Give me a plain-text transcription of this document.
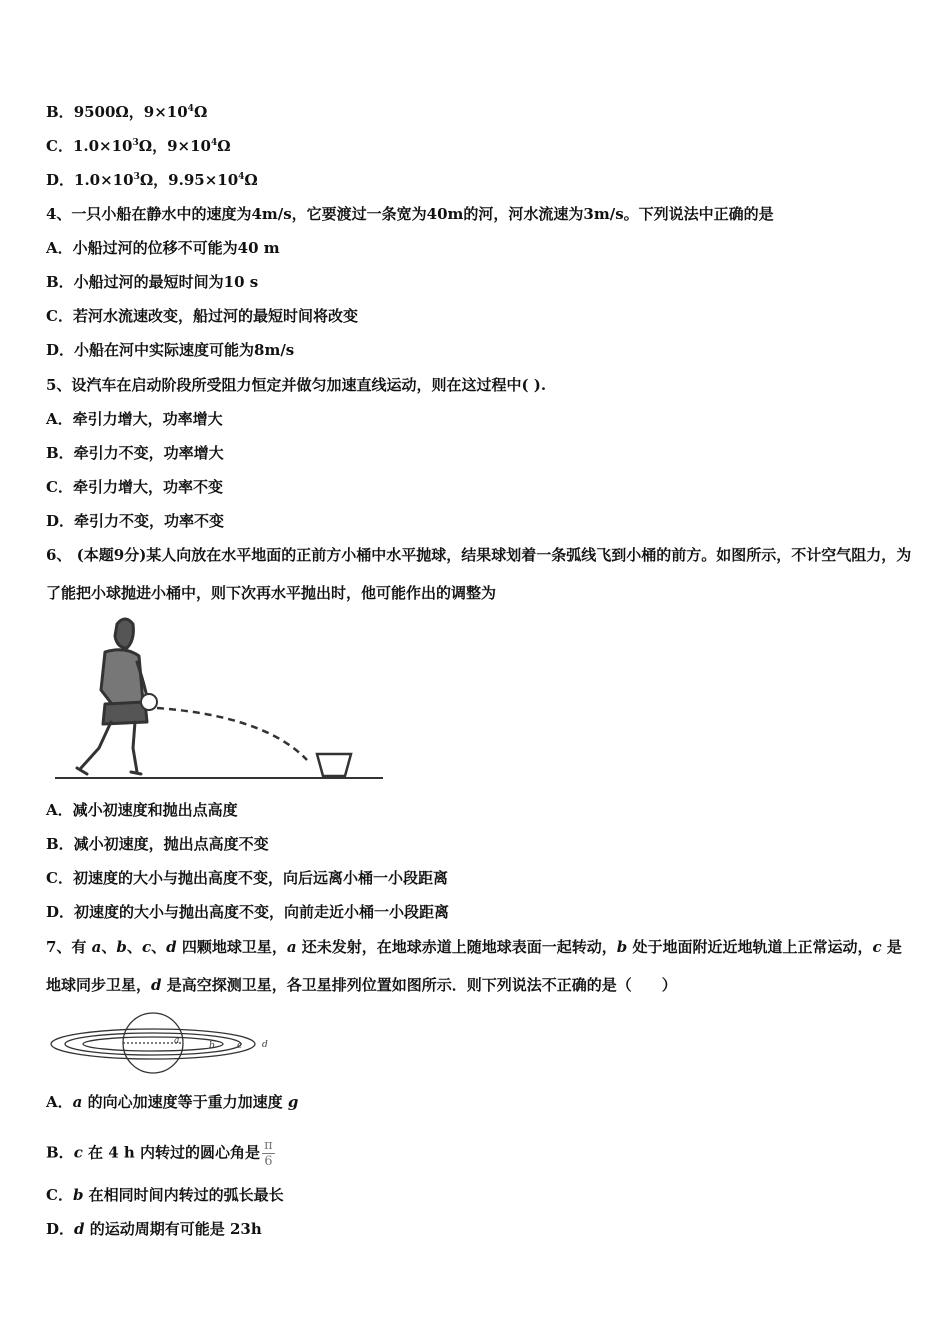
B．9500Ω，$9\times 10^4\Omega$
C．$1.0\times 10^3\Omega$，$9\times 10^4\Omega$
D．$1.0\times 10^3\Omega$，$9.95\times 10^4\Omega$
4、一只小船在静水中的速度为4m/s，它要渡过一条宽为40m的河，河水流速为3m/s。下列说法中正确的是
A．小船过河的位移不可能为40 m
B．小船过河的最短时间为10 s
C．若河水流速改变，船过河的最短时间将改变
D．小船在河中实际速度可能为8m/s
5、设汽车在启动阶段所受阻力恒定并做匀加速直线运动，则在这过程中( ).
A．牵引力增大，功率增大
B．牵引力不变，功率增大
C．牵引力增大，功率不变
D．牵引力不变，功率不变
6、 (本题9分)某人向放在水平地面的正前方小桶中水平抛球，结果球划着一条弧线飞到小桶的前方。如图所示，不计空气阻力，为了能把小球抛进小桶中，则下次再水平抛出时，他可能作出的调整为
A．减小初速度和抛出点高度
B．减小初速度，抛出点高度不变
C．初速度的大小与抛出高度不变，向后远离小桶一小段距离
D．初速度的大小与抛出高度不变，向前走近小桶一小段距离
7、有 a、b、c、d 四颗地球卫星，a 还未发射，在地球赤道上随地球表面一起转动，b 处于地面附近近地轨道上正常运动，c 是地球同步卫星，d 是高空探测卫星，各卫星排列位置如图所示．则下列说法不正确的是（　　）
a	b c d
A．a 的向心加速度等于重力加速度 g
B．c 在 4 h 内转过的圆心角是 $\frac{\pi}{6}$
C．b 在相同时间内转过的弧长最长
D．d 的运动周期有可能是 23h
